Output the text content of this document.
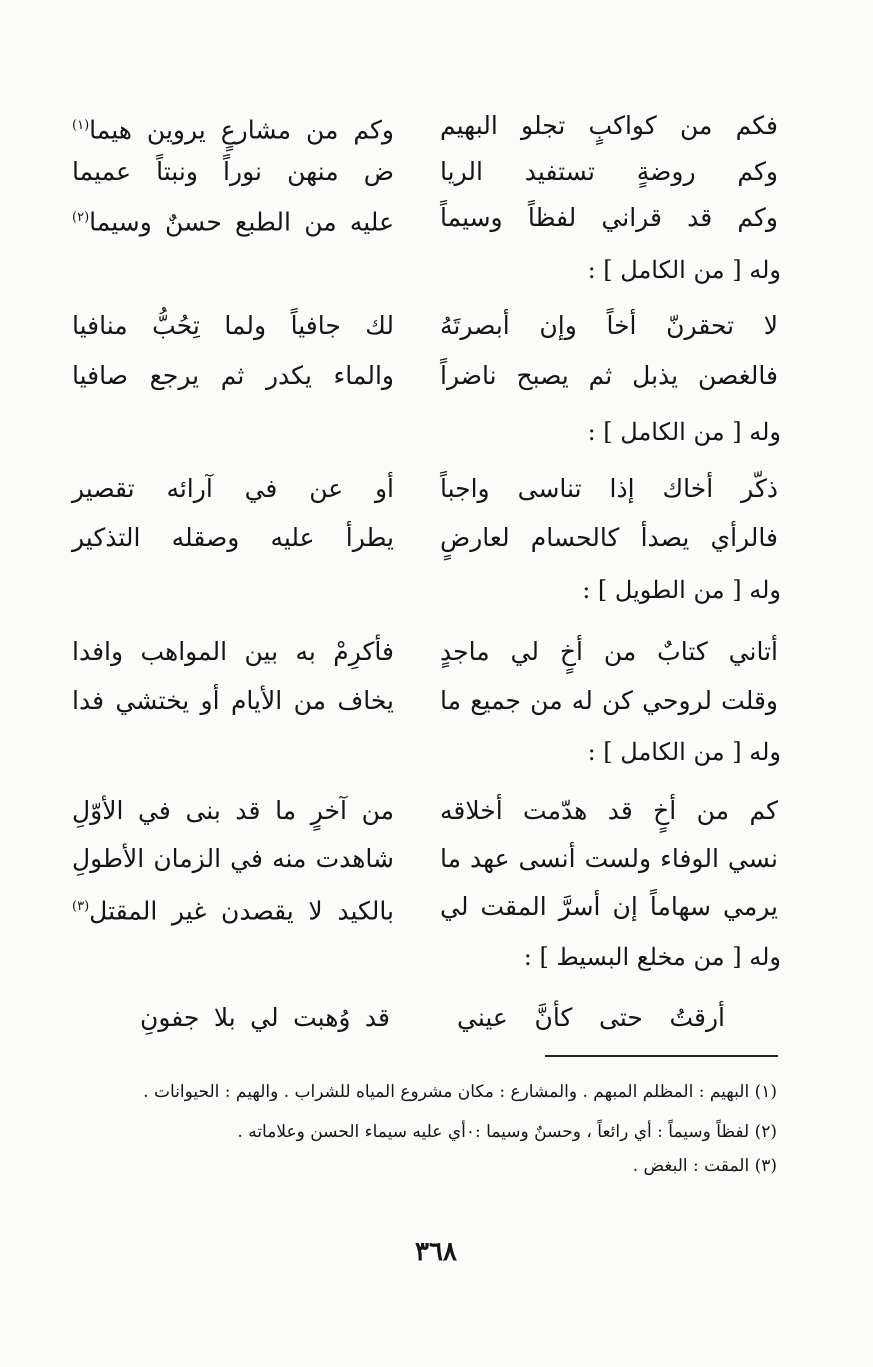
فكم من كواكبٍ تجلو البهيم
وكم من مشارعٍ يروين هيما$^{(١)}$
وكم روضةٍ تستفيد الريا
ض منهن نوراً ونبتاً عميما
وكم قد قراني لفظاً وسيماً
عليه من الطبع حسنٌ وسيما$^{(٢)}$
وله [ من الكامل ] :
لا تحقرنّ أخاً وإن أبصرتَهُ
لك جافياً ولما تِحُبُّ منافيا
فالغصن يذبل ثم يصبح ناضراً
والماء يكدر ثم يرجع صافيا
وله [ من الكامل ] :
ذكّر أخاك إذا تناسى واجباً
أو عن في آرائه تقصير
فالرأي يصدأ كالحسام لعارضٍ
يطرأ عليه وصقله التذكير
وله [ من الطويل ] :
أتاني كتابٌ من أخٍ لي ماجدٍ
فأكرِمْ به بين المواهب وافدا
وقلت لروحي كن له من جميع ما
يخاف من الأيام أو يختشي فدا
وله [ من الكامل ] :
كم من أخٍ قد هدّمت أخلاقه
من آخرٍ ما قد بنى في الأوّلِ
نسي الوفاء ولست أنسى عهد ما
شاهدت منه في الزمان الأطولِ
يرمي سهاماً إن أسرَّ المقت لي
بالكيد لا يقصدن غير المقتل$^{(٣)}$
وله [ من مخلع البسيط ] :
أرقتُ حتى كأنَّ عيني
قد وُهبت لي بلا جفونِ
(١) البهيم : المظلم المبهم . والمشارع : مكان مشروع المياه للشراب . والهيم : الحيوانات .
(٢) لفظاً وسيماً : أي رائعاً ، وحسنٌ وسيما :٠أي عليه سيماء الحسن وعلاماته .
(٣) المقت : البغض .
٣٦٨
